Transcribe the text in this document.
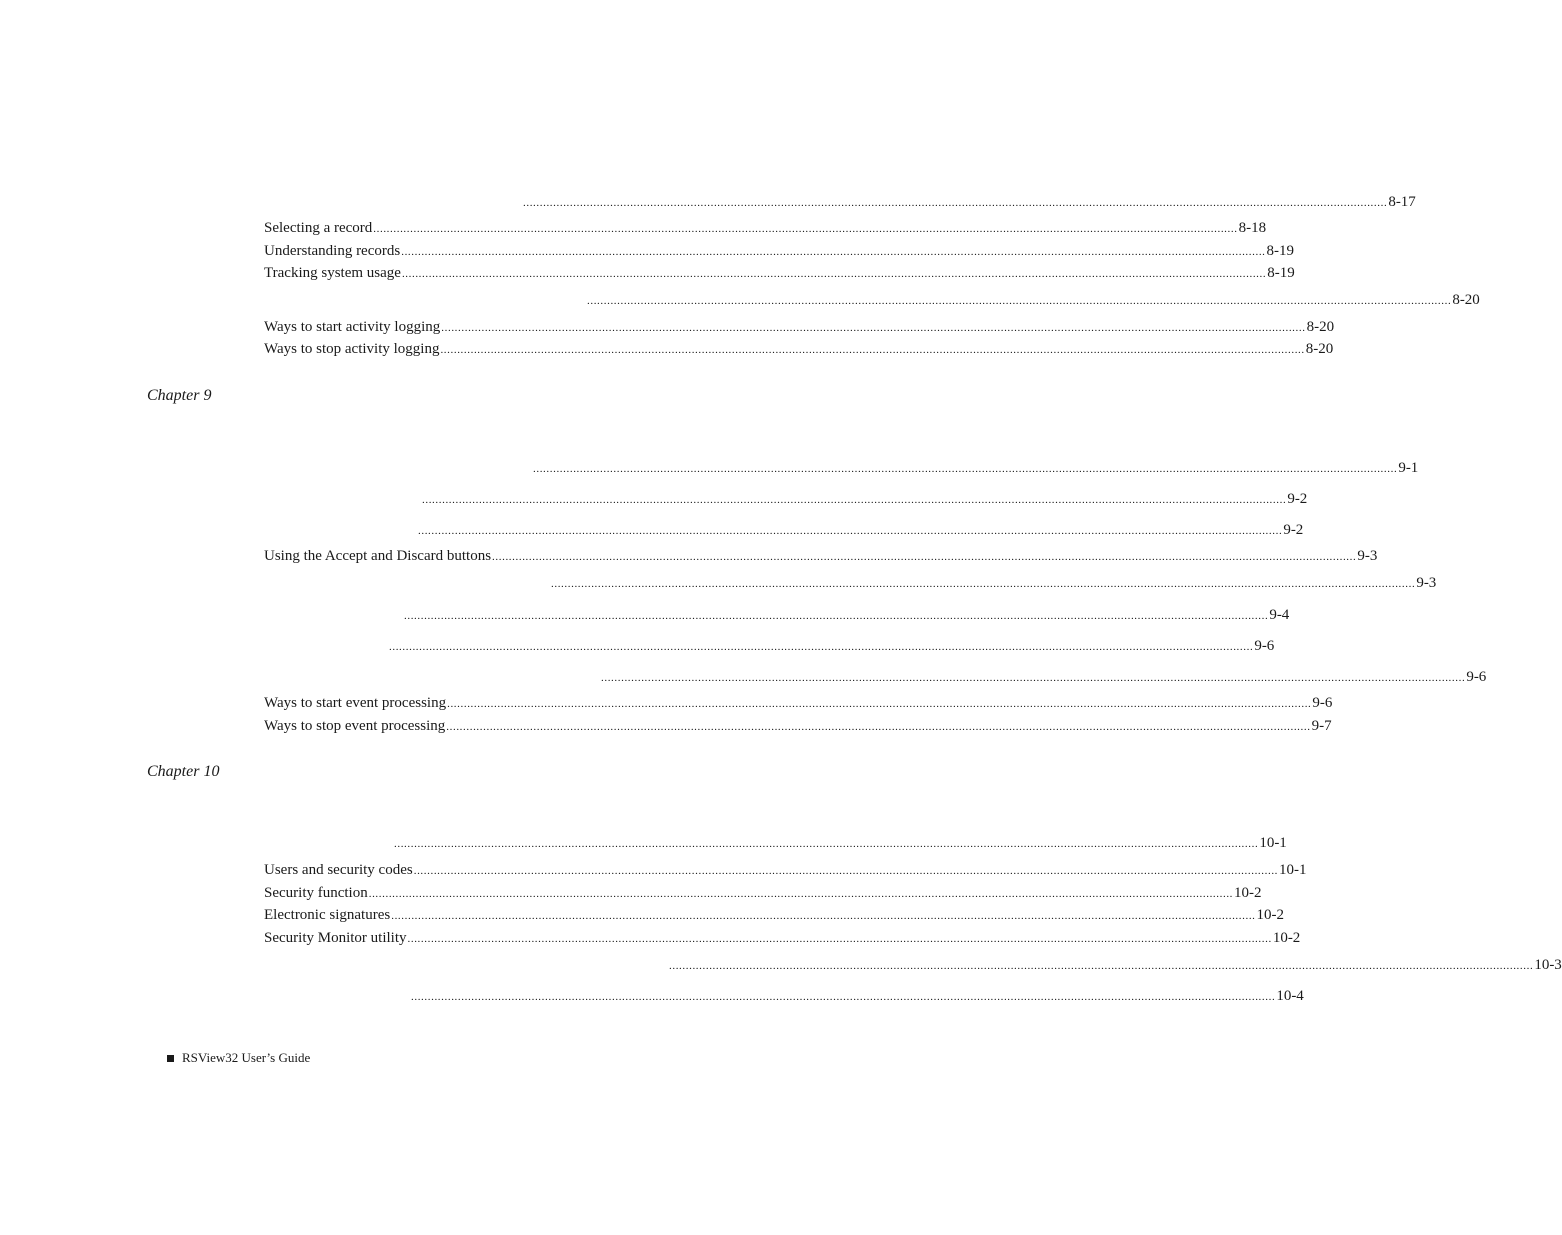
.................................................................................................................................................................................................................................................................. 8-17
Selecting a record .................................................................................................................................................................................................................................................................. 8-18
Understanding records .................................................................................................................................................................................................................................................................. 8-19
Tracking system usage .................................................................................................................................................................................................................................................................. 8-19
.................................................................................................................................................................................................................................................................. 8-20
Ways to start activity logging .................................................................................................................................................................................................................................................................. 8-20
Ways to stop activity logging .................................................................................................................................................................................................................................................................. 8-20
Chapter 9
.................................................................................................................................................................................................................................................................. 9-1
.................................................................................................................................................................................................................................................................. 9-2
.................................................................................................................................................................................................................................................................. 9-2
Using the Accept and Discard buttons .................................................................................................................................................................................................................................................................. 9-3
.................................................................................................................................................................................................................................................................. 9-3
.................................................................................................................................................................................................................................................................. 9-4
.................................................................................................................................................................................................................................................................. 9-6
.................................................................................................................................................................................................................................................................. 9-6
Ways to start event processing .................................................................................................................................................................................................................................................................. 9-6
Ways to stop event processing .................................................................................................................................................................................................................................................................. 9-7
Chapter 10
.................................................................................................................................................................................................................................................................. 10-1
Users and security codes .................................................................................................................................................................................................................................................................. 10-1
Security function .................................................................................................................................................................................................................................................................. 10-2
Electronic signatures .................................................................................................................................................................................................................................................................. 10-2
Security Monitor utility .................................................................................................................................................................................................................................................................. 10-2
.................................................................................................................................................................................................................................................................. 10-3
.................................................................................................................................................................................................................................................................. 10-4
RSView32 User’s Guide
